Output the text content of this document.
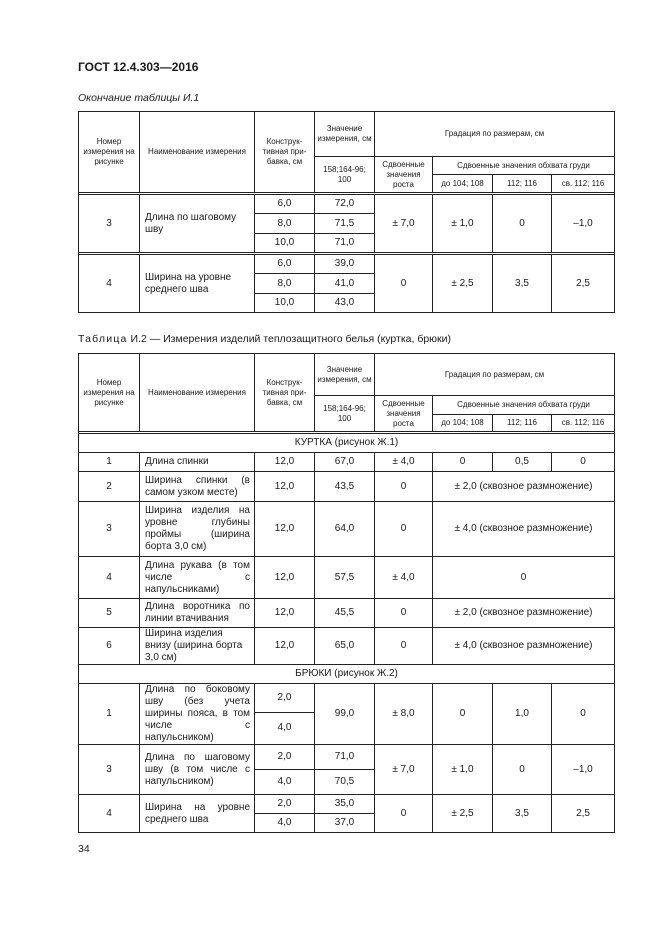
ГОСТ 12.4.303—2016
Окончание таблицы И.1
Номер измерения на рисунке	Наименование измерения	Конструк-тивная при-бавка, см	Значение измерения, см	Градация по размерам, см			
			158;164-96; 100	Сдвоенные значения роста	Сдвоенные значения обхвата груди		
					до 104; 108	112; 116	св. 112; 116

3	Длина по шаговому шву	6,0	72,0	± 7,0	± 1,0	0	–1,0
		8,0	71,5				
		10,0	71,0				

4	Ширина на уровне среднего шва	6,0	39,0	0	± 2,5	3,5	2,5
		8,0	41,0				
		10,0	43,0				
Таблица И.2 — Измерения изделий теплозащитного белья (куртка, брюки)
Номер измерения на рисунке	Наименование измерения	Конструк-тивная при-бавка, см	Значение измерения, см	Градация по размерам, см			
			158;164-96; 100	Сдвоенные значения роста	Сдвоенные значения обхвата груди		
					до 104; 108	112; 116	св. 112; 116

КУРТКА (рисунок Ж.1)							
1	Длина спинки	12,0	67,0	± 4,0	0	0,5	0
2	Ширина спинки (в самом узком месте)	12,0	43,5	0	± 2,0 (сквозное размножение)		
3	Ширина изделия на уровне глубины проймы (ширина борта 3,0 см)	12,0	64,0	0	± 4,0 (сквозное размножение)		
4	Длина рукава (в том числе с напульсниками)	12,0	57,5	± 4,0	0		
5	Длина воротника по линии втачивания	12,0	45,5	0	± 2,0 (сквозное размножение)		
6	Ширина изделия внизу (ширина борта 3,0 см)	12,0	65,0	0	± 4,0 (сквозное размножение)		
БРЮКИ (рисунок Ж.2)							
1	Длина по боковому шву (без учета ширины пояса, в том числе с напульсником)	2,0	99,0	± 8,0	0	1,0	0
		4,0					
3	Длина по шаговому шву (в том числе с напульсником)	2,0	71,0	± 7,0	± 1,0	0	–1,0
		4,0	70,5				
4	Ширина на уровне среднего шва	2,0	35,0	0	± 2,5	3,5	2,5
		4,0	37,0				
34
